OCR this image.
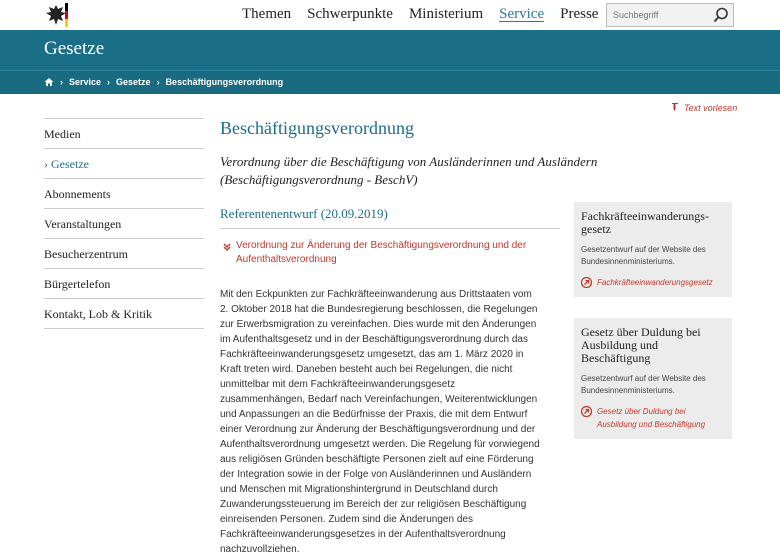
Themen Schwerpunkte Ministerium Service Presse
Suchbegriff
Gesetze
› Service › Gesetze › Beschäftigungsverordnung
Text vorlesen
Medien
› Gesetze
Abonnements
Veranstaltungen
Besucherzentrum
Bürgertelefon
Kontakt, Lob & Kritik
Beschäftigungsverordnung
Verordnung über die Beschäftigung von Ausländerinnen und Ausländern (Beschäftigungsverordnung - BeschV)
Referentenentwurf (20.09.2019)
Verordnung zur Änderung der Beschäftigungsverordnung und der Aufenthaltsverordnung
Mit den Eckpunkten zur Fachkräfteeinwanderung aus Drittstaaten vom 2. Oktober 2018 hat die Bundesregierung beschlossen, die Regelungen zur Erwerbsmigration zu vereinfachen. Dies wurde mit den Änderungen im Aufenthaltsgesetz und in der Beschäftigungsverordnung durch das Fachkräfteeinwanderungsgesetz umgesetzt, das am 1. März 2020 in Kraft treten wird. Daneben besteht auch bei Regelungen, die nicht unmittelbar mit dem Fachkräfteeinwanderungsgesetz zusammenhängen, Bedarf nach Vereinfachungen, Weiterentwicklungen und Anpassungen an die Bedürfnisse der Praxis, die mit dem Entwurf einer Verordnung zur Änderung der Beschäftigungsverordnung und der Aufenthaltsverordnung umgesetzt werden. Die Regelung für vorwiegend aus religiösen Gründen beschäftigte Personen zielt auf eine Förderung der Integration sowie in der Folge von Ausländerinnen und Ausländern und Menschen mit Migrationshintergrund in Deutschland durch Zuwanderungssteuerung im Bereich der zur religiösen Beschäftigung einreisenden Personen. Zudem sind die Änderungen des Fachkräfteeinwanderungsgesetzes in der Aufenthaltsverordnung nachzuvollziehen.
Fachkräfteeinwanderungs-gesetz

Gesetzentwurf auf der Website des Bundesinnenministeriums.

Fachkräfteeinwanderungsgesetz
Gesetz über Duldung bei Ausbildung und Beschäftigung

Gesetzentwurf auf der Website des Bundesinnenministeriums.

Gesetz über Duldung bei Ausbildung und Beschäftigung
